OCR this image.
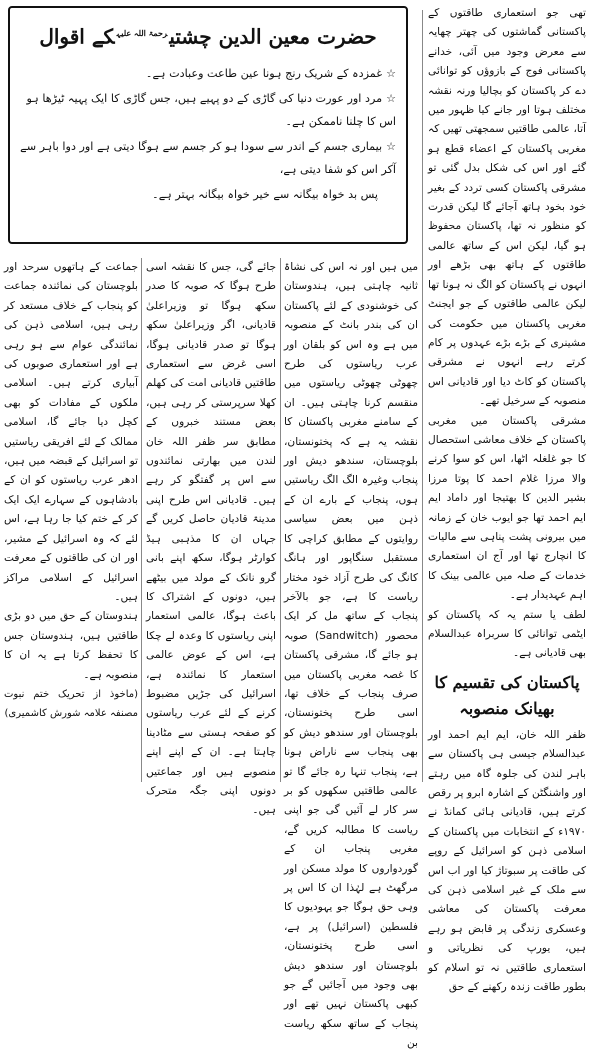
حضرت معین الدین چشتی$^{رحمۃ اللہ علیہ}$کے اقوال
☆غمزدہ کے شریک رنج ہونا عین طاعت وعبادت ہے۔
☆مرد اور عورت دنیا کی گاڑی کے دو پہیے ہیں، جس گاڑی کا ایک پہیہ ٹیڑھا ہو اس کا چلنا ناممکن ہے۔
☆بیماری جسم کے اندر سے سودا ہو کر جسم سے ہوگا دیتی ہے اور دوا باہر سے آکر اس کو شفا دیتی ہے،
پس بد خواہ بیگانہ سے خیر خواہ بیگانہ بہتر ہے۔

تھی جو استعماری طاقتوں کے پاکستانی گماشتوں کی چھتر چھایہ سے معرض وجود میں آئی، خدانے پاکستانی فوج کے بازوؤں کو توانائی دے کر پاکستان کو بچالیا ورنہ نقشہ مختلف ہوتا اور جانے کیا ظہور میں آتا، عالمی طاقتیں سمجھتی تھیں کہ مغربی پاکستان کے اعضاء قطع ہو گئے اور اس کی شکل بدل گئی تو مشرقی پاکستان کسی تردد کے بغیر خود بخود ہاتھ آجائے گا لیکن قدرت کو منظور نہ تھا، پاکستان محفوظ ہو گیا، لیکن اس کے ساتھ عالمی طاقتوں کے ہاتھ بھی بڑھے اور انہوں نے پاکستان کو الگ نہ ہونا تھا لیکن عالمی طاقتوں کے جو ایجنٹ مغربی پاکستان میں حکومت کی مشینری کے بڑے بڑے عہدوں پر کام کرتے رہے انہوں نے مشرقی پاکستان کو کاٹ دیا اور قادیانی اس منصوبہ کے سرخیل تھے۔

مشرقی پاکستان میں مغربی پاکستان کے خلاف معاشی استحصال کا جو غلغلہ اٹھا، اس کو سوا کرنے والا مرزا غلام احمد کا پوتا مرزا بشیر الدین کا بھتیجا اور داماد ایم ایم احمد تھا جو ایوب خان کے زمانہ میں بیرونی پشت پناہی سے مالیات کا انچارج تھا اور آج ان استعماری خدمات کے صلہ میں عالمی بینک کا اہم عہدیدار ہے۔

لطف یا ستم یہ کہ پاکستان کو ایٹمی توانائی کا سربراہ عبدالسلام بھی قادیانی ہے۔

پاکستان کی تقسیم کا بھیانک منصوبہ

ظفر اللہ خان، ایم ایم احمد اور عبدالسلام جیسی ہی پاکستان سے باہر لندن کی جلوہ گاہ میں رہتے اور واشنگٹن کے اشارہ ابرو پر رقص کرتے ہیں، قادیانی ہائی کمانڈ نے ۱۹۷۰ء کے انتخابات میں پاکستان کے اسلامی ذہن کو اسرائیل کے روپے کی طاقت پر سبوتاژ کیا اور اب اس سے ملک کے غیر اسلامی ذہن کی معرفت پاکستان کی معاشی وعسکری زندگی پر قابض ہو رہے ہیں، یورپ کی نظریاتی و استعماری طاقتیں نہ تو اسلام کو بطور طاقت زندہ رکھنے کے حق

میں ہیں اور نہ اس کی نشاۃ ثانیہ چاہتی ہیں، ہندوستان کی خوشنودی کے لئے پاکستان ان کی بندر بانٹ کے منصوبہ میں ہے وہ اس کو بلقان اور عرب ریاستوں کی طرح چھوٹی چھوٹی ریاستوں میں منقسم کرنا چاہتی ہیں۔ ان کے سامنے مغربی پاکستان کا نقشہ یہ ہے کہ پختونستان، بلوچستان، سندھو دیش اور پنجاب وغیرہ الگ الگ ریاستیں ہوں، پنجاب کے بارے ان کے ذہن میں بعض سیاسی روایتوں کے مطابق کراچی کا مستقبل سنگاپور اور ہانگ کانگ کی طرح آزاد خود مختار ریاست کا ہے، جو بالآخر پنجاب کے ساتھ مل کر ایک محصور (Sandwitch) صوبہ ہو جائے گا، مشرقی پاکستان کا غصہ مغربی پاکستان میں صرف پنجاب کے خلاف تھا، اسی طرح پختونستان، بلوچستان اور سندھو دیش کو بھی پنجاب سے ناراض ہونا ہے، پنجاب تنہا رہ جائے گا تو عالمی طاقتیں سکھوں کو بر سر کار لے آئیں گی جو اپنی ریاست کا مطالبہ کریں گے، مغربی پنجاب ان کے گوردواروں کا مولد مسکن اور مرگھٹ ہے لہٰذا ان کا اس پر وہی حق ہوگا جو یہودیوں کا فلسطین (اسرائیل) پر ہے، اسی طرح پختونستان، بلوچستان اور سندھو دیش بھی وجود میں آجائیں گے جو کبھی پاکستان نہیں تھے اور پنجاب کے ساتھ سکھ ریاست بن

جائے گی، جس کا نقشہ اسی طرح ہوگا کہ صوبہ کا صدر سکھ ہوگا تو وزیراعلیٰ قادیانی، اگر وزیراعلیٰ سکھ ہوگا تو صدر قادیانی ہوگا، اسی غرض سے استعماری طاقتیں قادیانی امت کی کھلم کھلا سرپرستی کر رہی ہیں، بعض مستند خبروں کے مطابق سر ظفر اللہ خان لندن میں بھارتی نمائندوں سے اس پر گفتگو کر رہے ہیں۔ قادیانی اس طرح اپنی مدینۃ قادیان حاصل کریں گے جہاں ان کا مذہبی ہیڈ کوارٹر ہوگا، سکھ اپنے بانی گرو نانک کے مولد میں بیٹھے ہیں، دونوں کے اشتراک کا باعث ہوگا، عالمی استعمار اپنی ریاستوں کا وعدہ لے چکا ہے، اس کے عوض عالمی استعمار کا نمائندہ ہے، اسرائیل کی جڑیں مضبوط کرنے کے لئے عرب ریاستوں کو صفحہ ہستی سے مٹادینا چاہتا ہے۔ ان کے اپنے اپنے منصوبے ہیں اور جماعتیں دونوں اپنی جگہ متحرک ہیں۔

جماعت کے ہاتھوں سرحد اور بلوچستان کی نمائندہ جماعت کو پنجاب کے خلاف مستعد کر رہی ہیں، اسلامی ذہن کی نمائندگی عوام سے ہو رہی ہے اور استعماری صوبوں کی آبیاری کرتے ہیں۔ اسلامی ملکوں کے مفادات کو بھی کچل دیا جائے گا، اسلامی ممالک کے لئے افریقی ریاستیں تو اسرائیل کے قبضہ میں ہیں، ادھر عرب ریاستوں کو ان کے بادشاہوں کے سہارے ایک ایک کر کے ختم کیا جا رہا ہے، اس لئے کہ وہ اسرائیل کے مشیر، اور ان کی طاقتوں کے معرفت اسرائیل کے اسلامی مراکز ہیں۔

ہندوستان کے حق میں دو بڑی طاقتیں ہیں، ہندوستان جس کا تحفظ کرتا ہے یہ ان کا منصوبہ ہے۔

(ماخوذ از تحریک ختم نبوت مصنفہ علامہ شورش کاشمیری)
